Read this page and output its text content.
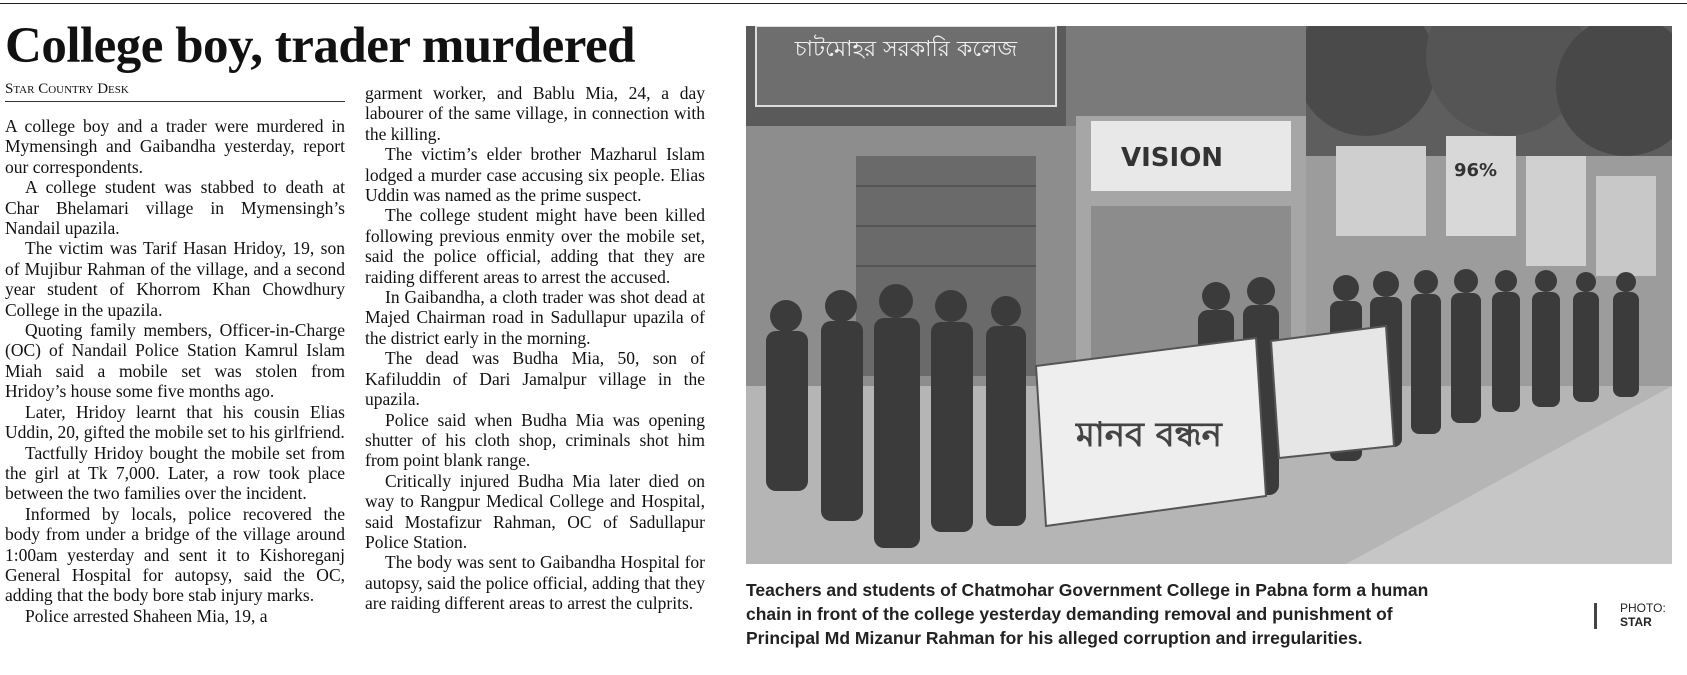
College boy, trader murdered
Star Country Desk

A college boy and a trader were murdered in Mymensingh and Gaibandha yesterday, report our correspondents.

A college student was stabbed to death at Char Bhelamari village in Mymensingh’s Nandail upazila.

The victim was Tarif Hasan Hridoy, 19, son of Mujibur Rahman of the village, and a second year student of Khorrom Khan Chowdhury College in the upazila.

Quoting family members, Officer-in-Charge (OC) of Nandail Police Station Kamrul Islam Miah said a mobile set was stolen from Hridoy’s house some five months ago.

Later, Hridoy learnt that his cousin Elias Uddin, 20, gifted the mobile set to his girlfriend.

Tactfully Hridoy bought the mobile set from the girl at Tk 7,000. Later, a row took place between the two families over the incident.

Informed by locals, police recovered the body from under a bridge of the village around 1:00am yesterday and sent it to Kishoreganj General Hospital for autopsy, said the OC, adding that the body bore stab injury marks.

Police arrested Shaheen Mia, 19, a

garment worker, and Bablu Mia, 24, a day labourer of the same village, in connection with the killing.

The victim’s elder brother Mazharul Islam lodged a murder case accusing six people. Elias Uddin was named as the prime suspect.

The college student might have been killed following previous enmity over the mobile set, said the police official, adding that they are raiding different areas to arrest the accused.

In Gaibandha, a cloth trader was shot dead at Majed Chairman road in Sadullapur upazila of the district early in the morning.

The dead was Budha Mia, 50, son of Kafiluddin of Dari Jamalpur village in the upazila.

Police said when Budha Mia was opening shutter of his cloth shop, criminals shot him from point blank range.

Critically injured Budha Mia later died on way to Rangpur Medical College and Hospital, said Mostafizur Rahman, OC of Sadullapur Police Station.

The body was sent to Gaibandha Hospital for autopsy, said the police official, adding that they are raiding different areas to arrest the culprits.

চাটমোহর সরকারি কলেজ
VISION	96%
মানব বন্ধন
Teachers and students of Chatmohar Government College in Pabna form a human chain in front of the college yesterday demanding removal and punishment of Principal Md Mizanur Rahman for his alleged corruption and irregularities.
PHOTO:
STAR
